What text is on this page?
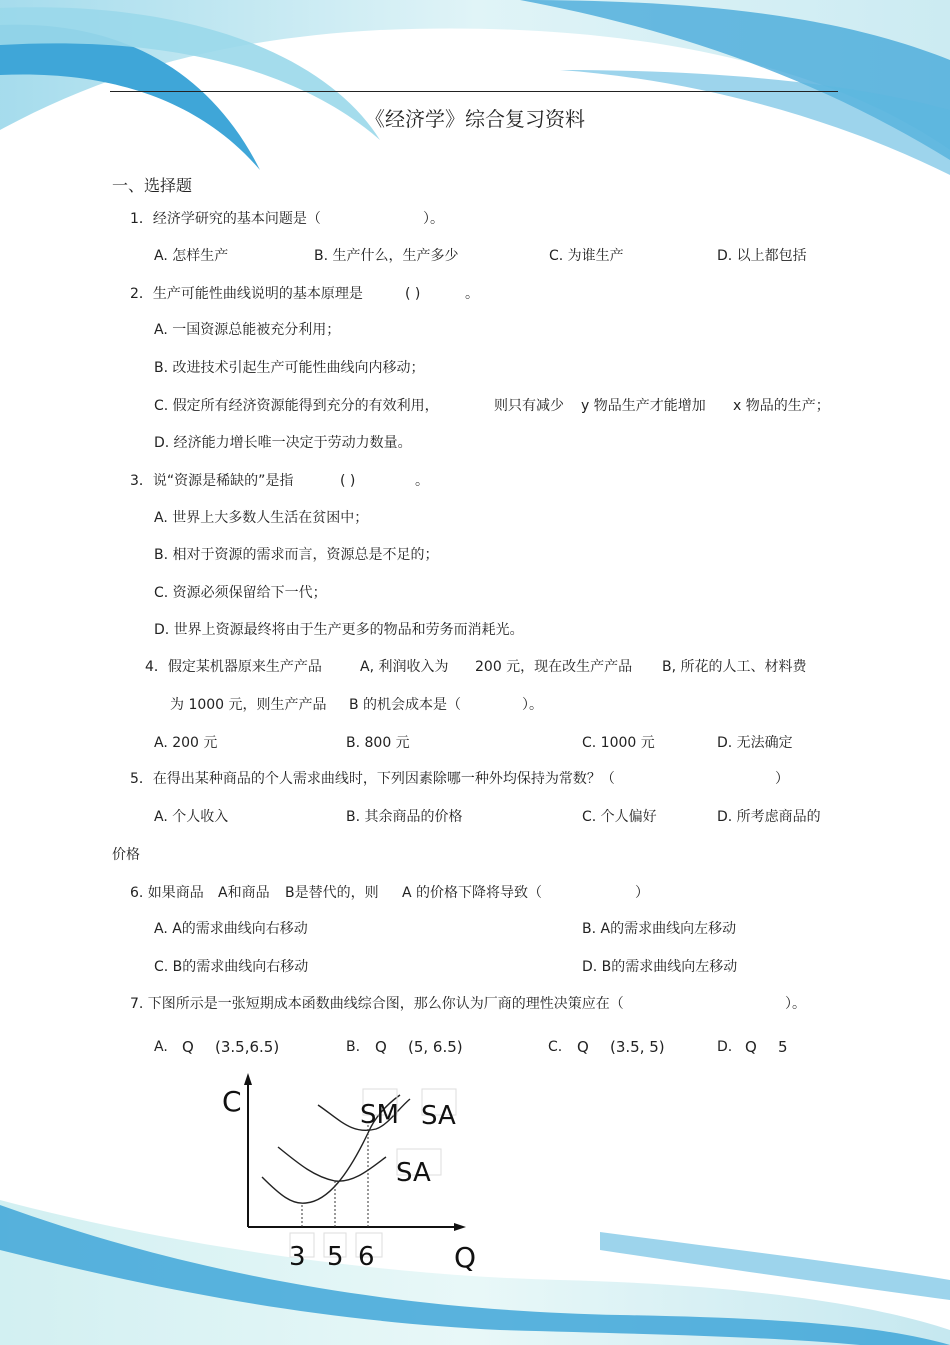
《经济学》综合复习资料
一、选择题
1．经济学研究的基本问题是（	）。
A. 怎样生产	B. 生产什么，生产多少	C. 为谁生产	D. 以上都包括
2．生产可能性曲线说明的基本原理是	( )	。
A. 一国资源总能被充分利用；
B. 改进技术引起生产可能性曲线向内移动；
C. 假定所有经济资源能得到充分的有效利用，	则只有减少 y 物品生产才能增加 x 物品的生产；
D. 经济能力增长唯一决定于劳动力数量。
3．说“资源是稀缺的”是指	( )	。
A. 世界上大多数人生活在贫困中；
B. 相对于资源的需求而言，资源总是不足的；
C. 资源必须保留给下一代；
D. 世界上资源最终将由于生产更多的物品和劳务而消耗光。
4．假定某机器原来生产产品	A, 利润收入为 200 元，现在改生产产品 B, 所花的人工、材料费
为 1000 元，则生产产品 B 的机会成本是（	）。
A. 200 元	B. 800 元	C. 1000 元	D. 无法确定
5．在得出某种商品的个人需求曲线时，下列因素除哪一种外均保持为常数？（	）
A. 个人收入	B. 其余商品的价格	C. 个人偏好	D. 所考虑商品的
价格
6. 如果商品 A和商品 B是替代的，则 A 的价格下降将导致（	）
A. A的需求曲线向右移动	B. A的需求曲线向左移动
C. B的需求曲线向右移动	D. B的需求曲线向左移动
7. 下图所示是一张短期成本函数曲线综合图，那么你认为厂商的理性决策应在（	）。
A. Q (3.5,6.5)	B. Q (5, 6.5)	C. Q (3.5, 5)	D. Q 5
C
Q
SM SA
SA
3 5 6
